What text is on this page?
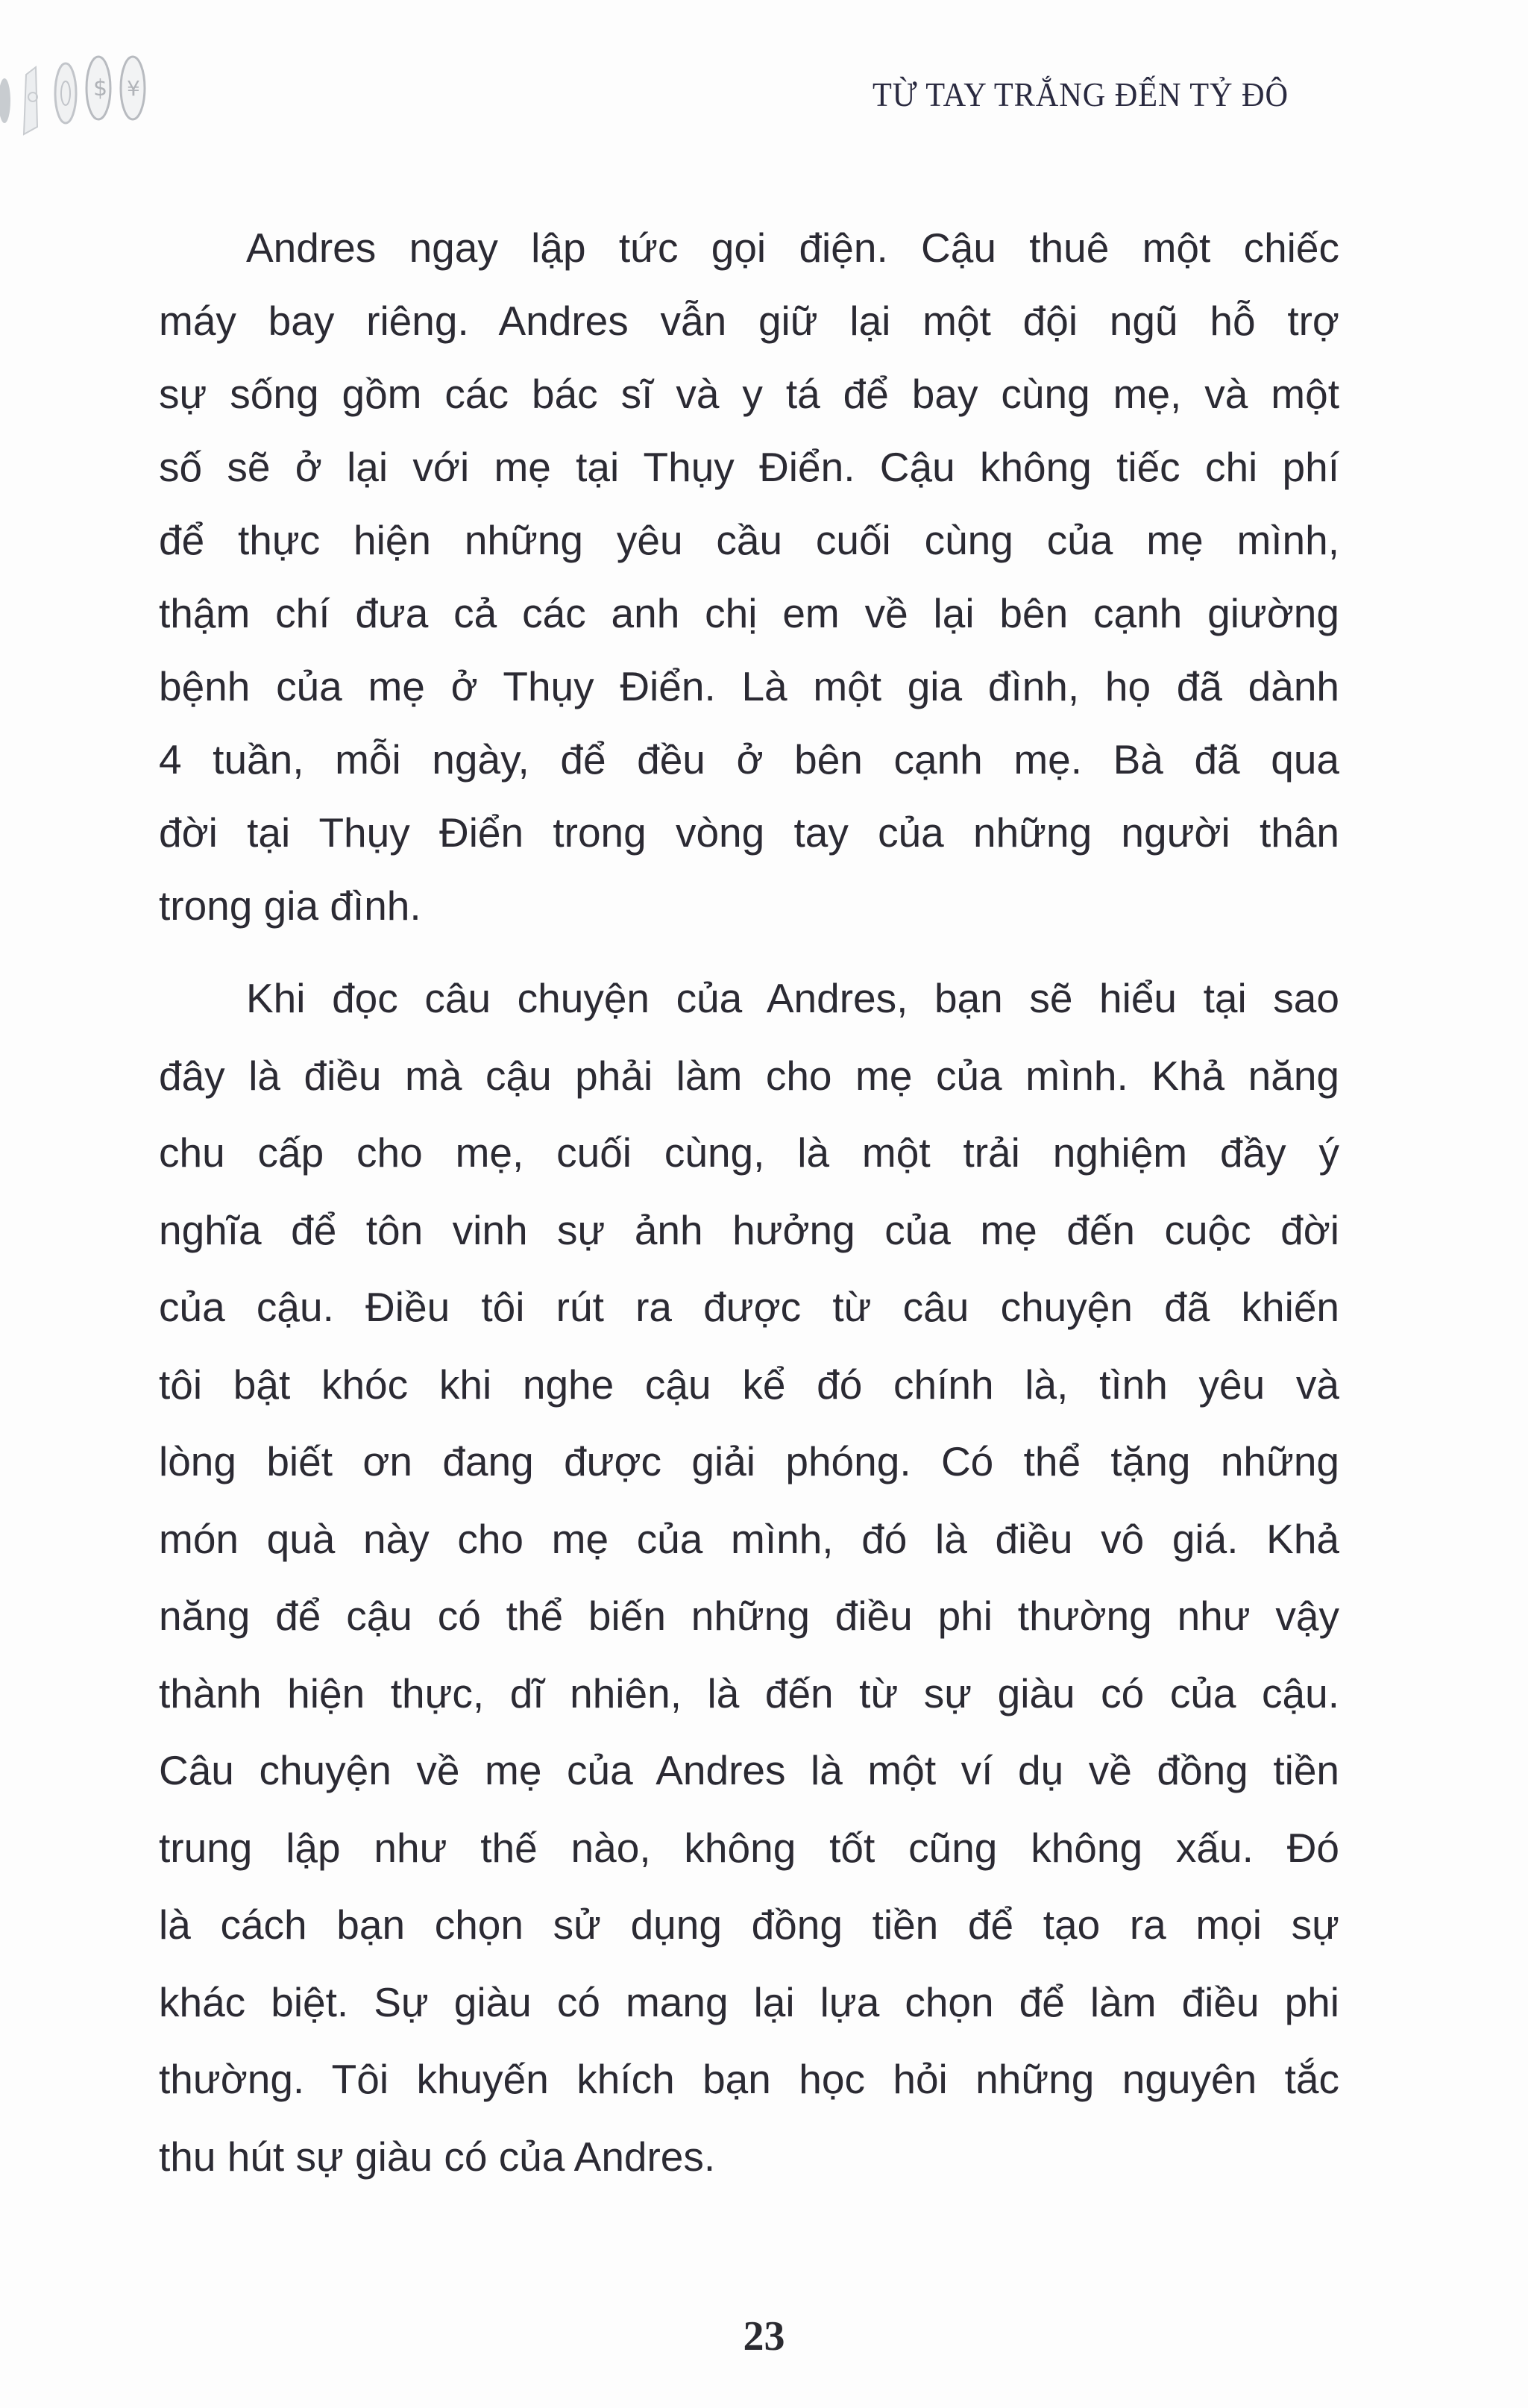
$ ¥	TỪ TAY TRẮNG ĐẾN TỶ ĐÔ
Andres ngay lập tức gọi điện. Cậu thuê một chiếc
máy bay riêng. Andres vẫn giữ lại một đội ngũ hỗ trợ
sự sống gồm các bác sĩ và y tá để bay cùng mẹ, và một
số sẽ ở lại với mẹ tại Thụy Điển. Cậu không tiếc chi phí
để thực hiện những yêu cầu cuối cùng của mẹ mình,
thậm chí đưa cả các anh chị em về lại bên cạnh giường
bệnh của mẹ ở Thụy Điển. Là một gia đình, họ đã dành
4 tuần, mỗi ngày, để đều ở bên cạnh mẹ. Bà đã qua
đời tại Thụy Điển trong vòng tay của những người thân
trong gia đình.
Khi đọc câu chuyện của Andres, bạn sẽ hiểu tại sao
đây là điều mà cậu phải làm cho mẹ của mình. Khả năng
chu cấp cho mẹ, cuối cùng, là một trải nghiệm đầy ý
nghĩa để tôn vinh sự ảnh hưởng của mẹ đến cuộc đời
của cậu. Điều tôi rút ra được từ câu chuyện đã khiến
tôi bật khóc khi nghe cậu kể đó chính là, tình yêu và
lòng biết ơn đang được giải phóng. Có thể tặng những
món quà này cho mẹ của mình, đó là điều vô giá. Khả
năng để cậu có thể biến những điều phi thường như vậy
thành hiện thực, dĩ nhiên, là đến từ sự giàu có của cậu.
Câu chuyện về mẹ của Andres là một ví dụ về đồng tiền
trung lập như thế nào, không tốt cũng không xấu. Đó
là cách bạn chọn sử dụng đồng tiền để tạo ra mọi sự
khác biệt. Sự giàu có mang lại lựa chọn để làm điều phi
thường. Tôi khuyến khích bạn học hỏi những nguyên tắc
thu hút sự giàu có của Andres.
23
